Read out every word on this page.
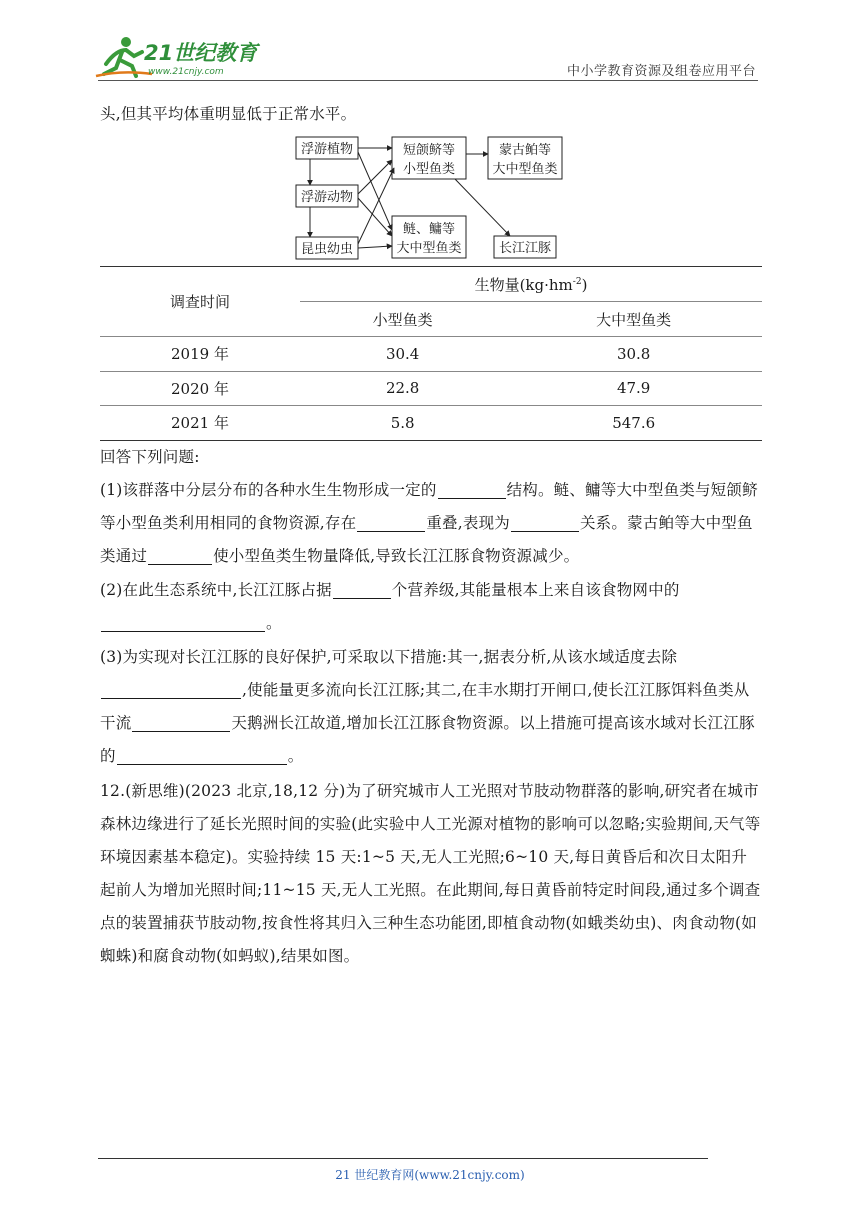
21世纪教育
www.21cnjy.com	中小学教育资源及组卷应用平台

头,但其平均体重明显低于正常水平。

浮游植物
浮游动物
昆虫幼虫
短颌鲚等
小型鱼类
鲢、鳙等
大中型鱼类
蒙古鲌等
大中型鱼类
长江江豚
调查时间	生物量$(kg\cdot hm^{-2})$	
	小型鱼类	大中型鱼类
2019 年	30.4	30.8
2020 年	22.8	47.9
2021 年	5.8	547.6

回答下列问题:

(1)该群落中分层分布的各种水生生物形成一定的	结构。鲢、鳙等大中型鱼类与短颌鲚等小型鱼类利用相同的食物资源,存在	重叠,表现为	关系。蒙古鲌等大中型鱼类通过	使小型鱼类生物量降低,导致长江江豚食物资源减少。

(2)在此生态系统中,长江江豚占据	个营养级,其能量根本上来自该食物网中的。

(3)为实现对长江江豚的良好保护,可采取以下措施:其一,据表分析,从该水域适度去除,使能量更多流向长江江豚;其二,在丰水期打开闸口,使长江江豚饵料鱼类从干流	天鹅洲长江故道,增加长江江豚食物资源。以上措施可提高该水域对长江江豚的	。

12.(新思维)(2023 北京,18,12 分)为了研究城市人工光照对节肢动物群落的影响,研究者在城市森林边缘进行了延长光照时间的实验(此实验中人工光源对植物的影响可以忽略;实验期间,天气等环境因素基本稳定)。实验持续 15 天:1~5 天,无人工光照;6~10 天,每日黄昏后和次日太阳升起前人为增加光照时间;11~15 天,无人工光照。在此期间,每日黄昏前特定时间段,通过多个调查点的装置捕获节肢动物,按食性将其归入三种生态功能团,即植食动物(如蛾类幼虫)、肉食动物(如蜘蛛)和腐食动物(如蚂蚁),结果如图。

21 世纪教育网(www.21cnjy.com)
